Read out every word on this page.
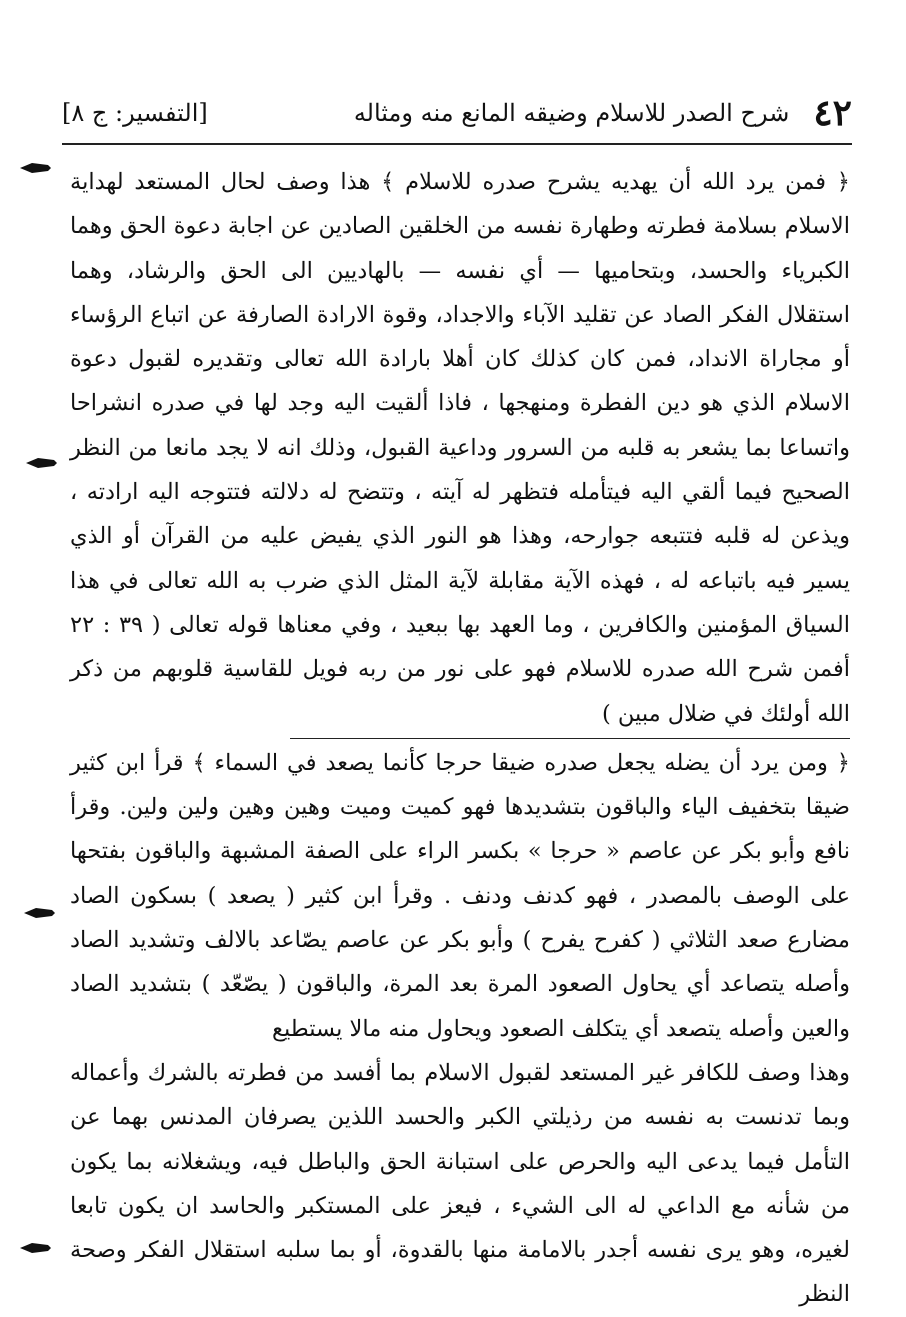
٤٢
شرح الصدر للاسلام وضيقه المانع منه ومثاله
[التفسير: ج ٨]

﴿ فمن يرد الله أن يهديه يشرح صدره للاسلام ﴾ هذا وصف لحال المستعد لهداية الاسلام بسلامة فطرته وطهارة نفسه من الخلقين الصادين عن اجابة دعوة الحق وهما الكبرياء والحسد، وبتحاميها — أي نفسه — بالهاديين الى الحق والرشاد، وهما استقلال الفكر الصاد عن تقليد الآباء والاجداد، وقوة الارادة الصارفة عن اتباع الرؤساء أو مجاراة الانداد، فمن كان كذلك كان أهلا بارادة الله تعالى وتقديره لقبول دعوة الاسلام الذي هو دين الفطرة ومنهجها ، فاذا ألقيت اليه وجد لها في صدره انشراحا واتساعا بما يشعر به قلبه من السرور وداعية القبول، وذلك انه لا يجد مانعا من النظر الصحيح فيما ألقي اليه فيتأمله فتظهر له آيته ، وتتضح له دلالته فتتوجه اليه ارادته ، ويذعن له قلبه فتتبعه جوارحه، وهذا هو النور الذي يفيض عليه من القرآن أو الذي يسير فيه باتباعه له ، فهذه الآية مقابلة لآية المثل الذي ضرب به الله تعالى في هذا السياق المؤمنين والكافرين ، وما العهد بها ببعيد ، وفي معناها قوله تعالى ( ٣٩ : ٢٢ أفمن شرح الله صدره للاسلام فهو على نور من ربه فويل للقاسية قلوبهم من ذكر الله أولئك في ضلال مبين )

﴿ ومن يرد أن يضله يجعل صدره ضيقا حرجا كأنما يصعد في السماء ﴾ قرأ ابن كثير ضيقا بتخفيف الياء والباقون بتشديدها فهو كميت وميت وهين وهين ولين ولين. وقرأ نافع وأبو بكر عن عاصم « حرجا » بكسر الراء على الصفة المشبهة والباقون بفتحها على الوصف بالمصدر ، فهو كدنف ودنف . وقرأ ابن كثير ( يصعد ) بسكون الصاد مضارع صعد الثلاثي ( كفرح يفرح ) وأبو بكر عن عاصم يصّاعد بالالف وتشديد الصاد وأصله يتصاعد أي يحاول الصعود المرة بعد المرة، والباقون ( يصّعّد ) بتشديد الصاد والعين وأصله يتصعد أي يتكلف الصعود ويحاول منه مالا يستطيع

وهذا وصف للكافر غير المستعد لقبول الاسلام بما أفسد من فطرته بالشرك وأعماله وبما تدنست به نفسه من رذيلتي الكبر والحسد اللذين يصرفان المدنس بهما عن التأمل فيما يدعى اليه والحرص على استبانة الحق والباطل فيه، ويشغلانه بما يكون من شأنه مع الداعي له الى الشيء ، فيعز على المستكبر والحاسد ان يكون تابعا لغيره، وهو يرى نفسه أجدر بالامامة منها بالقدوة، أو بما سلبه استقلال الفكر وصحة النظر
